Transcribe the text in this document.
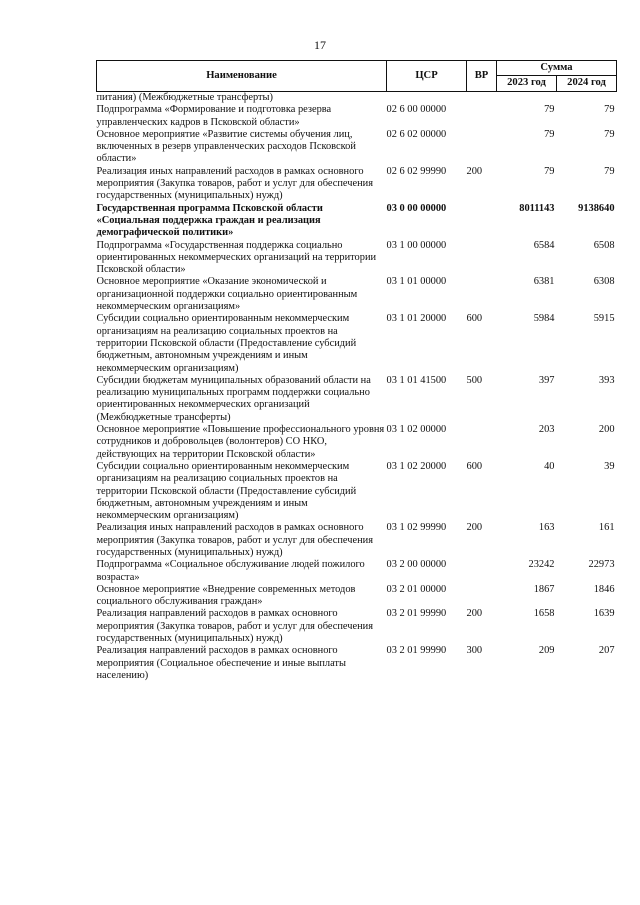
17
Наименование	ЦСР	ВР	Сумма	
			2023 год	2024 год
питания) (Межбюджетные трансферты)				
Подпрограмма «Формирование и подготовка резерва управленческих кадров в Псковской области»	02 6 00 00000		79	79
Основное мероприятие «Развитие системы обучения лиц, включенных в резерв управленческих расходов Псковской области»	02 6 02 00000		79	79
Реализация иных направлений расходов в рамках основного мероприятия (Закупка товаров, работ и услуг для обеспечения государственных (муниципальных) нужд)	02 6 02 99990	200	79	79
Государственная программа Псковской области «Социальная поддержка граждан и реализация демографической политики»	03 0 00 00000		8011143	9138640
Подпрограмма «Государственная поддержка социально ориентированных некоммерческих организаций на территории Псковской области»	03 1 00 00000		6584	6508
Основное мероприятие «Оказание экономической и организационной поддержки социально ориентированным некоммерческим организациям»	03 1 01 00000		6381	6308
Субсидии социально ориентированным некоммерческим организациям на реализацию социальных проектов на территории Псковской области (Предоставление субсидий бюджетным, автономным учреждениям и иным некоммерческим организациям)	03 1 01 20000	600	5984	5915
Субсидии бюджетам муниципальных образований области на реализацию муниципальных программ поддержки социально ориентированных некоммерческих организаций (Межбюджетные трансферты)	03 1 01 41500	500	397	393
Основное мероприятие «Повышение профессионального уровня сотрудников и добровольцев (волонтеров) СО НКО, действующих на территории Псковской области»	03 1 02 00000		203	200
Субсидии социально ориентированным некоммерческим организациям на реализацию социальных проектов на территории Псковской области (Предоставление субсидий бюджетным, автономным учреждениям и иным некоммерческим организациям)	03 1 02 20000	600	40	39
Реализация иных направлений расходов в рамках основного мероприятия (Закупка товаров, работ и услуг для обеспечения государственных (муниципальных) нужд)	03 1 02 99990	200	163	161
Подпрограмма «Социальное обслуживание людей пожилого возраста»	03 2 00 00000		23242	22973
Основное мероприятие «Внедрение современных методов социального обслуживания граждан»	03 2 01 00000		1867	1846
Реализация направлений расходов в рамках основного мероприятия (Закупка товаров, работ и услуг для обеспечения государственных (муниципальных) нужд)	03 2 01 99990	200	1658	1639
Реализация направлений расходов в рамках основного мероприятия (Социальное обеспечение и иные выплаты населению)	03 2 01 99990	300	209	207
